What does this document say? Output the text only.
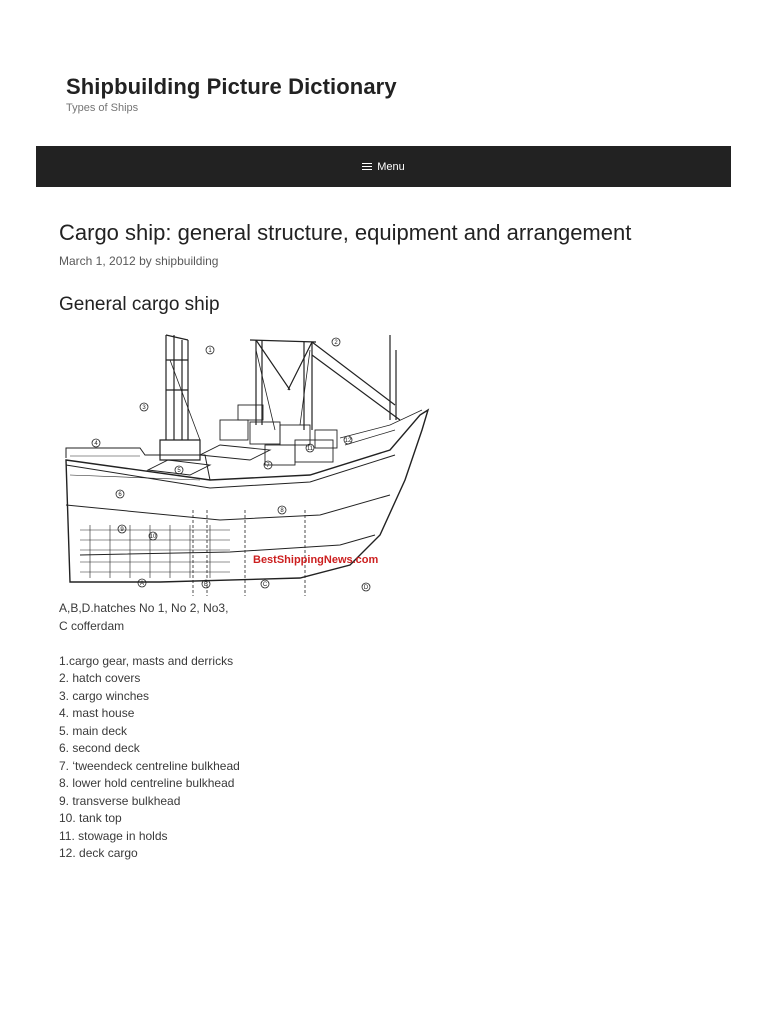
Shipbuilding Picture Dictionary
Types of Ships
Menu
Cargo ship: general structure, equipment and arrangement
March 1, 2012 by shipbuilding
General cargo ship
1
2
3
4
5
6
7
8
9
10
11
12
A	B	C	D
BestShippingNews.com
A,B,D.hatches No 1, No 2, No3,
C cofferdam
1.cargo gear, masts and derricks
2. hatch covers
3. cargo winches
4. mast house
5. main deck
6. second deck
7. ‘tweendeck centreline bulkhead
8. lower hold centreline bulkhead
9. transverse bulkhead
10. tank top
11. stowage in holds
12. deck cargo
